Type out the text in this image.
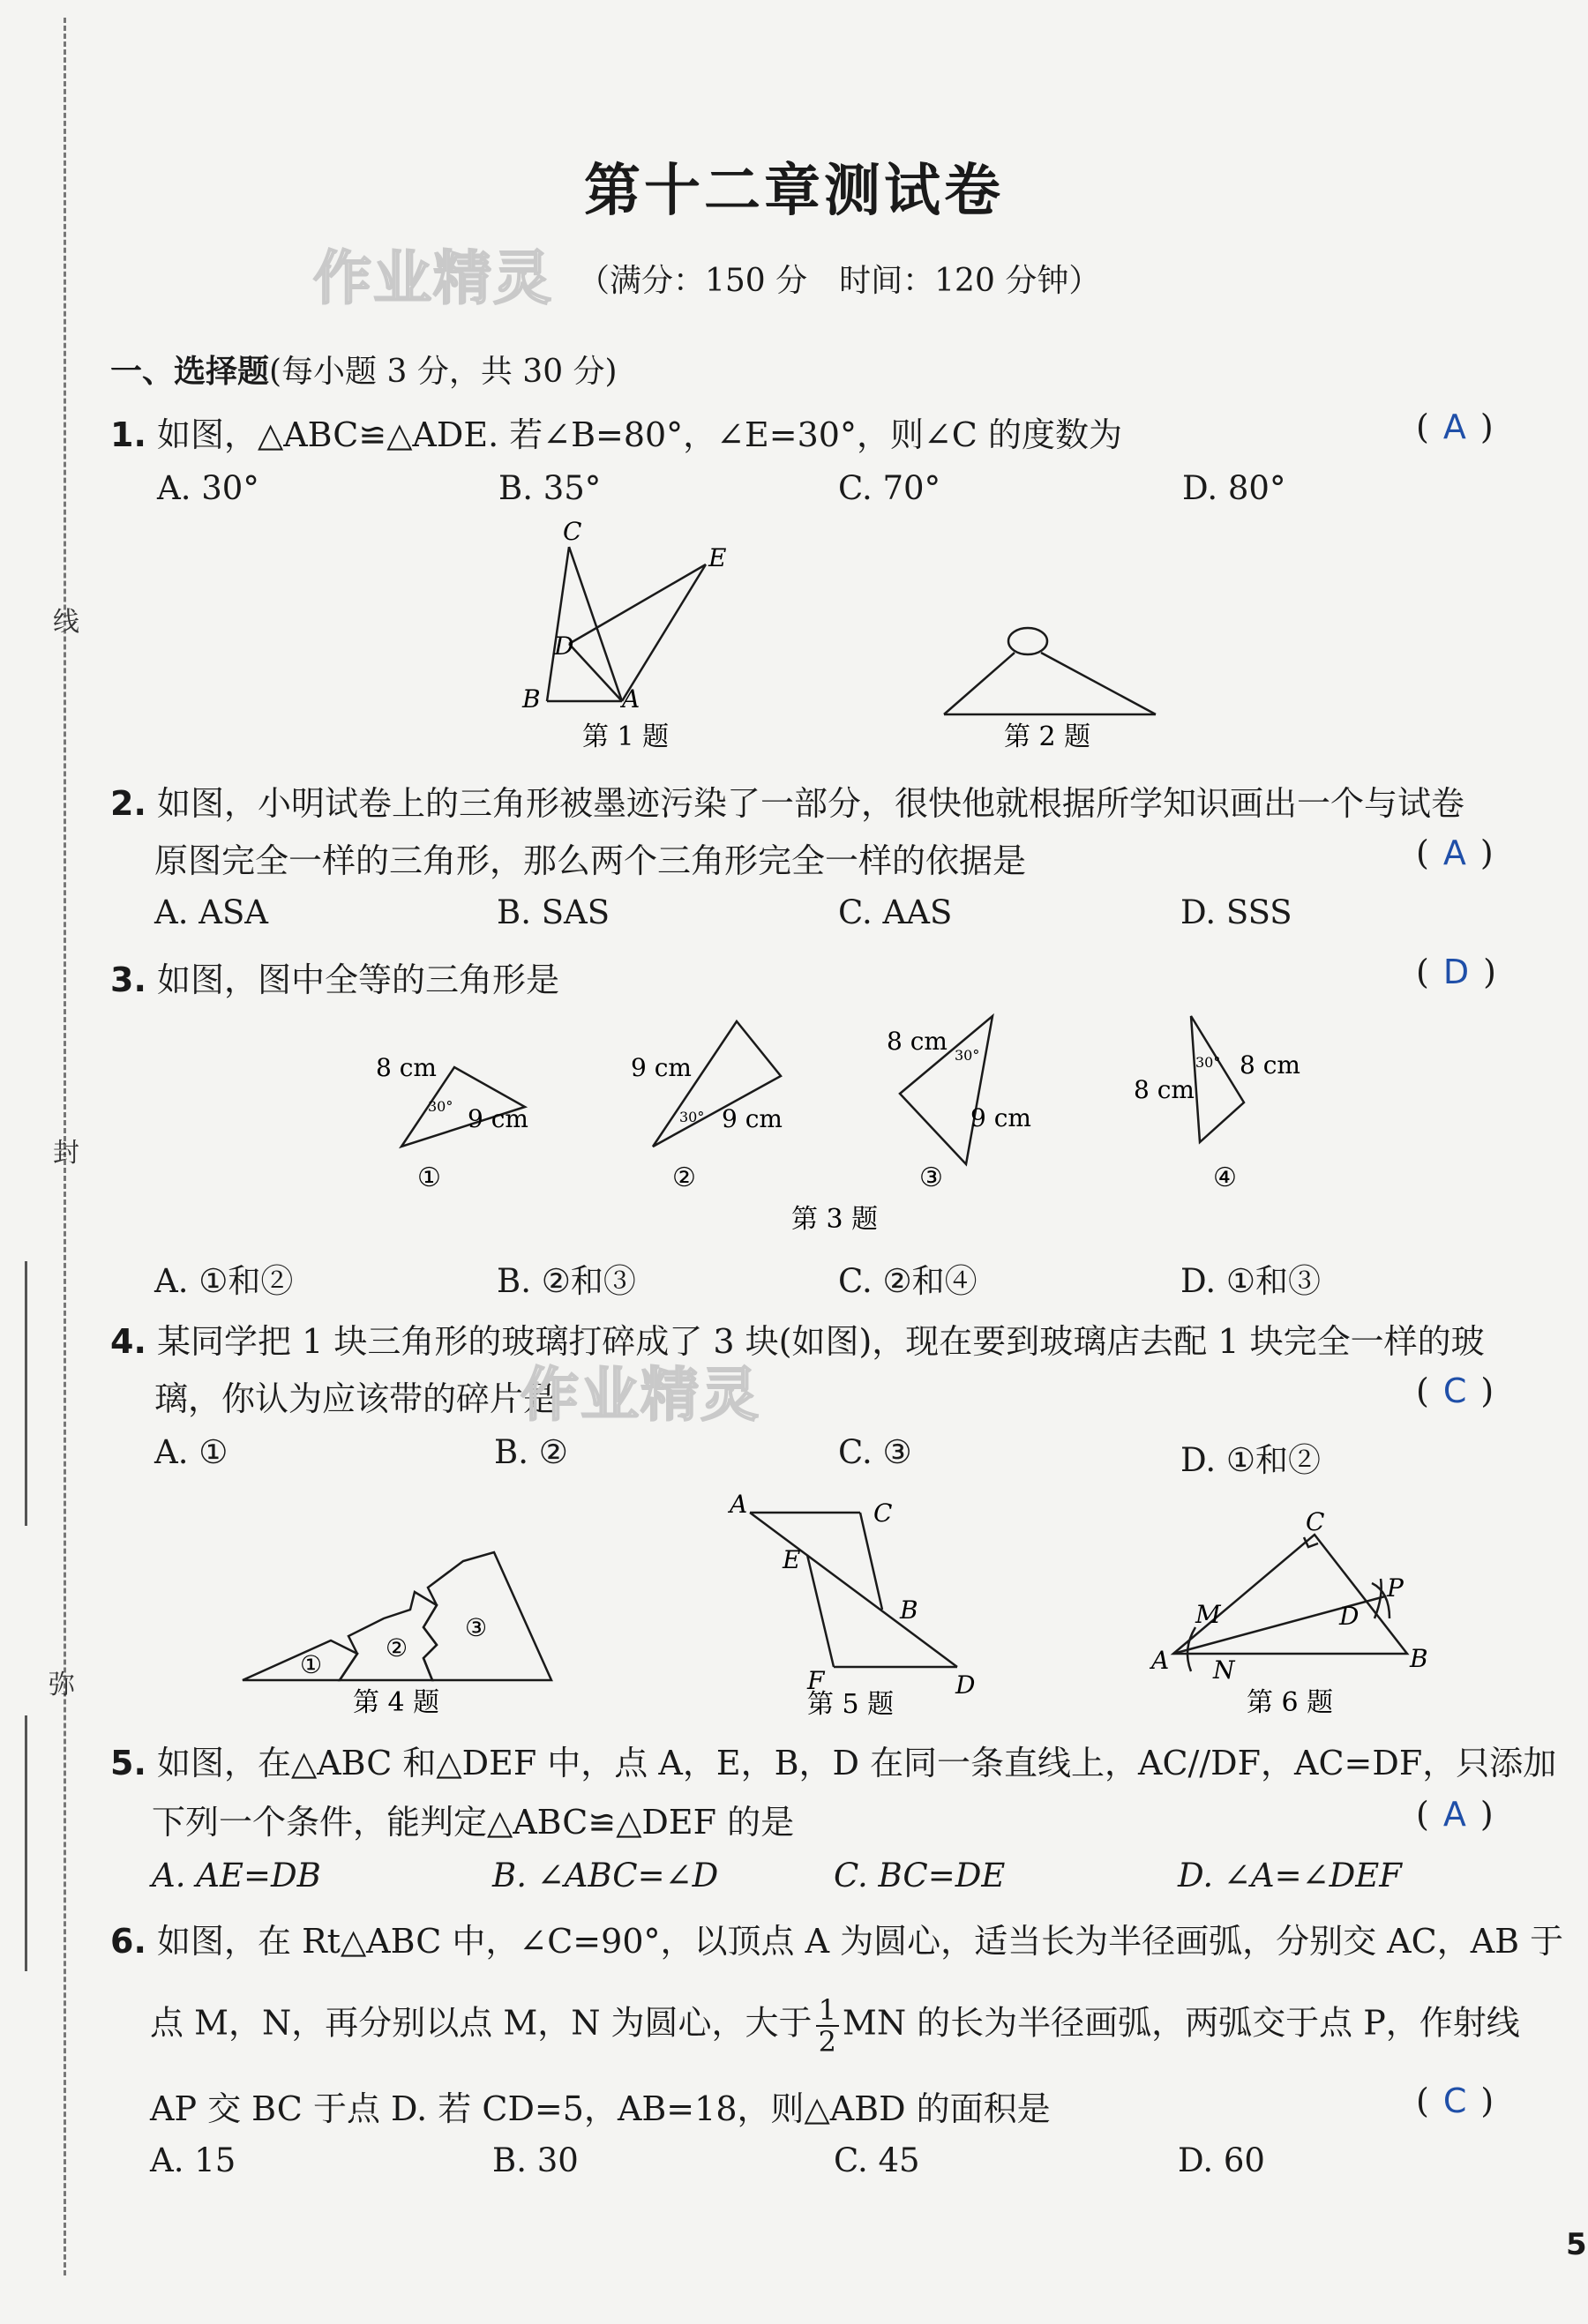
线
封
弥
第十二章测试卷
作业精灵 （满分：150 分　时间：120 分钟）
一、选择题(每小题 3 分，共 30 分)
1. 如图，△ABC≌△ADE. 若∠B=80°，∠E=30°，则∠C 的度数为	( A )
A. 30°	B. 35°	C. 70°	D. 80°
C
E
D
B	A
第 1 题	第 2 题
2. 如图，小明试卷上的三角形被墨迹污染了一部分，很快他就根据所学知识画出一个与试卷
原图完全一样的三角形，那么两个三角形完全一样的依据是	( A )
A. ASA	B. SAS	C. AAS	D. SSS
3. 如图，图中全等的三角形是	( D )
8 cm
9 cm
30°
①
9 cm
9 cm
30°
②
8 cm
9 cm
30°
③
8 cm
8 cm
30°
④
第 3 题
A. ①和②	B. ②和③	C. ②和④	D. ①和③
4. 某同学把 1 块三角形的玻璃打碎成了 3 块(如图)，现在要到玻璃店去配 1 块完全一样的玻
璃，你认为应该带的碎片是
作业精灵	( C )
A. ①	B. ②	C. ③	D. ①和②
①
②
③
第 4 题
A	C
E
B
F	D
第 5 题
C
M	D
P
A N	B
第 6 题
5. 如图，在△ABC 和△DEF 中，点 A，E，B，D 在同一条直线上，AC//DF，AC=DF，只添加
下列一个条件，能判定△ABC≌△DEF 的是	( A )
A. AE=DB	B. ∠ABC=∠D	C. BC=DE	D. ∠A=∠DEF
6. 如图，在 Rt△ABC 中，∠C=90°，以顶点 A 为圆心，适当长为半径画弧，分别交 AC，AB 于
点 M，N，再分别以点 M，N 为圆心，大于 $\frac{1}{2}$ MN 的长为半径画弧，两弧交于点 P，作射线
AP 交 BC 于点 D. 若 CD=5，AB=18，则△ABD 的面积是	( C )
A. 15	B. 30	C. 45	D. 60
5
